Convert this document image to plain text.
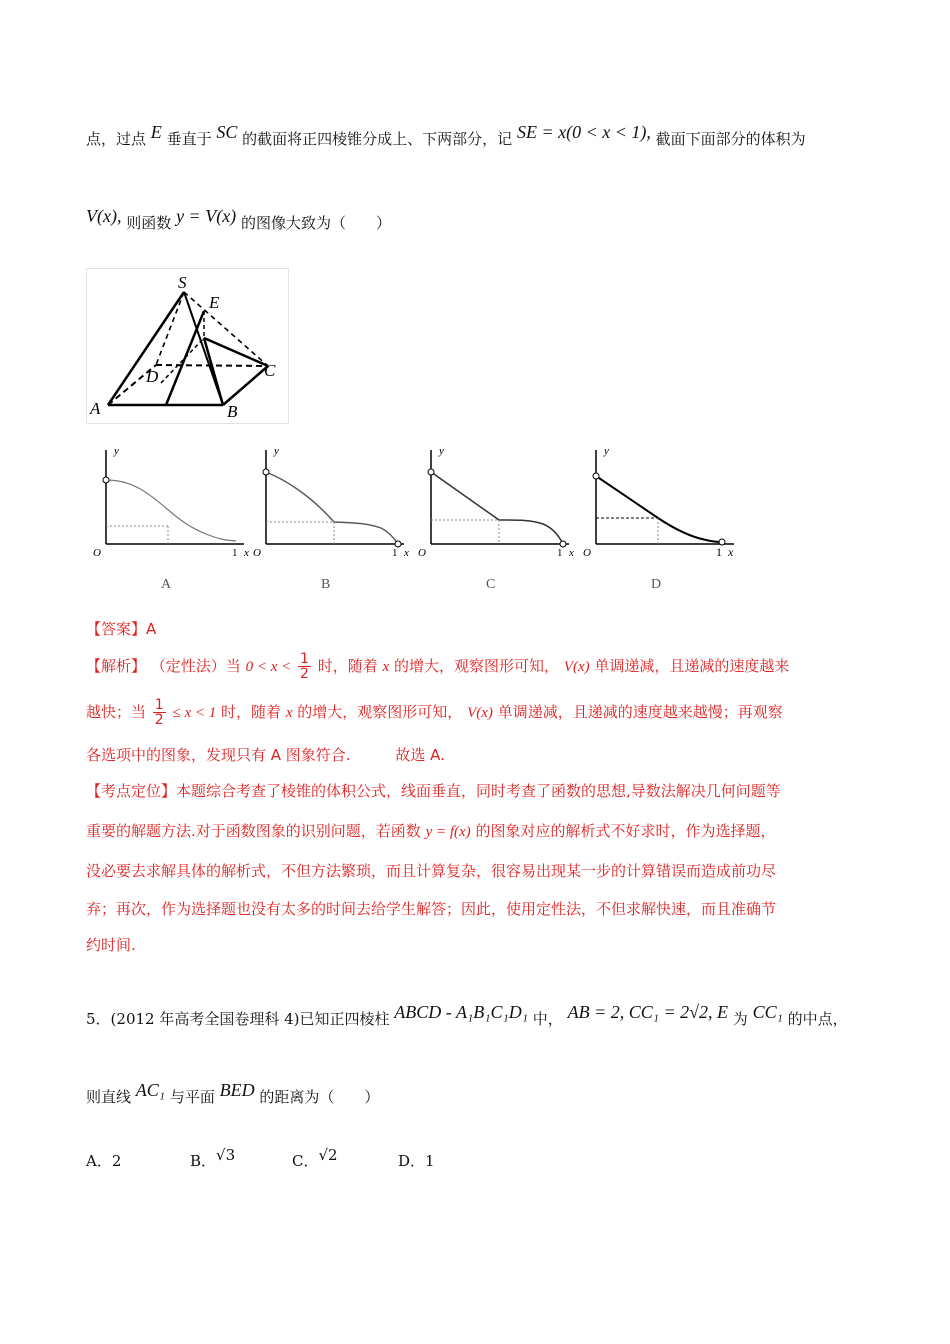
点，过点 E 垂直于 SC 的截面将正四棱锥分成上、下两部分，记 SE = x(0 < x < 1), 截面下面部分的体积为
V(x), 则函数 y = V(x) 的图像大致为（　　）
S
E
D	C
A	B
y
O	1 x
A
y
O	1 x
B
y
O	1 x
C
y
O	1 x
D
【答案】A
【解析】 （定性法）当 $0 < x < \frac{1}{2}$ 时，随着 x 的增大，观察图形可知， V(x) 单调递减，且递减的速度越来
越快；当 $\frac{1}{2} \le x < 1$ 时，随着 x 的增大，观察图形可知， V(x) 单调递减，且递减的速度越来越慢；再观察
各选项中的图象，发现只有 A 图象符合.	故选 A.
【考点定位】本题综合考查了棱锥的体积公式，线面垂直，同时考查了函数的思想,导数法解决几何问题等
重要的解题方法.对于函数图象的识别问题，若函数 y = f(x) 的图象对应的解析式不好求时，作为选择题，
没必要去求解具体的解析式，不但方法繁琐，而且计算复杂，很容易出现某一步的计算错误而造成前功尽
弃；再次，作为选择题也没有太多的时间去给学生解答；因此，使用定性法，不但求解快速，而且准确节
约时间.
5．(2012 年高考全国卷理科 4)已知正四棱柱 ABCD - A₁B₁C₁D₁ 中， AB = 2, CC₁ = 2√2, E 为 CC₁ 的中点，
则直线 AC₁ 与平面 BED 的距离为（　　）
A．2	B．√3	C．√2	D．1
